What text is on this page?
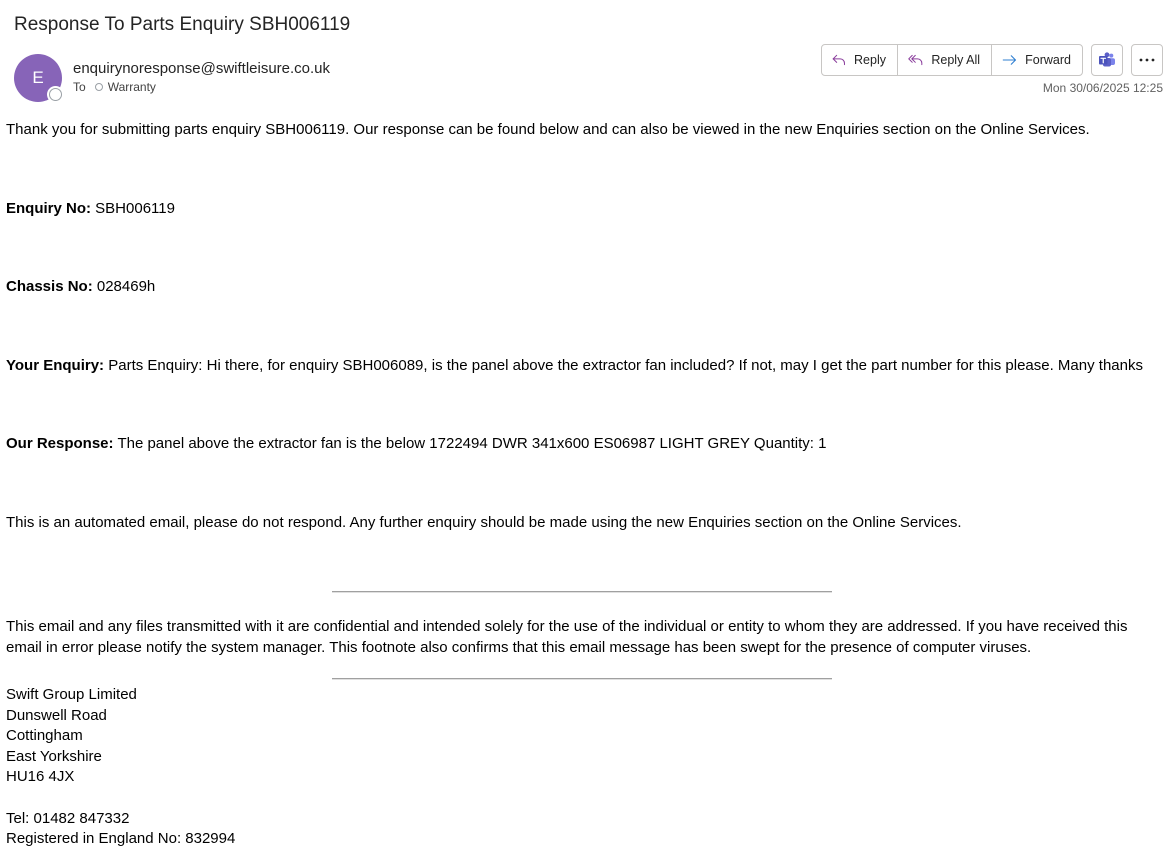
Response To Parts Enquiry SBH006119
E enquirynoresponse@swiftleisure.co.uk
To Warranty
Reply	Reply All	Forward
Mon 30/06/2025 12:25
Thank you for submitting parts enquiry SBH006119. Our response can be found below and can also be viewed in the new Enquiries section on the Online Services.
Enquiry No: SBH006119
Chassis No: 028469h
Your Enquiry: Parts Enquiry: Hi there, for enquiry SBH006089, is the panel above the extractor fan included? If not, may I get the part number for this please. Many thanks
Our Response: The panel above the extractor fan is the below 1722494 DWR 341x600 ES06987 LIGHT GREY Quantity: 1
This is an automated email, please do not respond. Any further enquiry should be made using the new Enquiries section on the Online Services.
This email and any files transmitted with it are confidential and intended solely for the use of the individual or entity to whom they are addressed. If you have received this email in error please notify the system manager. This footnote also confirms that this email message has been swept for the presence of computer viruses.
Swift Group Limited
Dunswell Road
Cottingham
East Yorkshire
HU16 4JX
Tel: 01482 847332
Registered in England No: 832994
